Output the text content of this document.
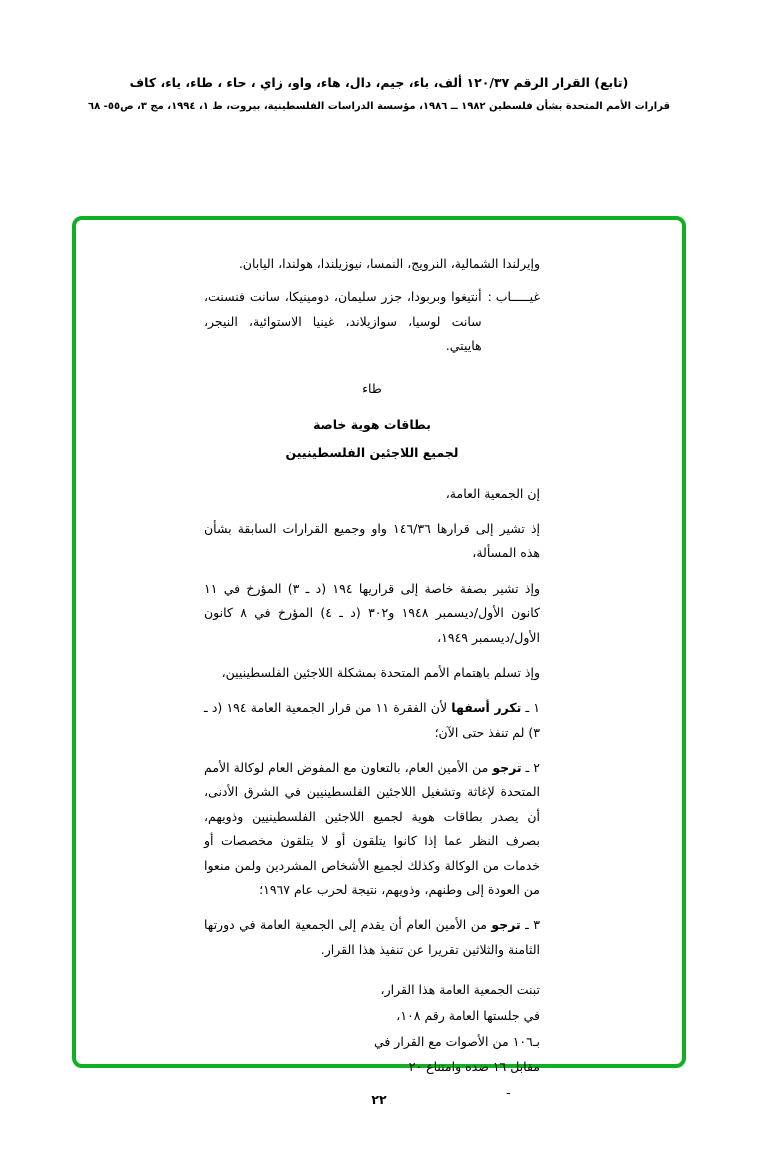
(تابع) القرار الرقم ١٢٠/٣٧ ألف، باء، جيم، دال، هاء، واو، زاي ، حاء ، طاء، ياء، كاف
قرارات الأمم المتحدة بشأن فلسطين ١٩٨٢ ــ ١٩٨٦، مؤسسة الدراسات الفلسطينية، بيروت، ط ١، ١٩٩٤، مج ٣، ص٥٥- ٦٨

وإيرلندا الشمالية، النرويج، النمسا، نيوزيلندا، هولندا، اليابان.

غيـــــاب :
أنتيغوا وبربودا، جزر سليمان، دومينيكا، سانت فنسنت، سانت لوسيا، سوازيلاند، غينيا الاستوائية، النيجر، هاييتي.

طاء

بطاقات هوية خاصة

لجميع اللاجئين الفلسطينيين

إن الجمعية العامة،

إذ تشير إلى قرارها ١٤٦/٣٦ واو وجميع القرارات السابقة بشأن هذه المسألة،

وإذ تشير بصفة خاصة إلى قراريها ١٩٤ (د ـ ٣) المؤرخ في ١١ كانون الأول/ديسمبر ١٩٤٨ و٣٠٢ (د ـ ٤) المؤرخ في ٨ كانون الأول/ديسمبر ١٩٤٩،

وإذ تسلم باهتمام الأمم المتحدة بمشكلة اللاجئين الفلسطينيين،

١ ـ تكرر أسفها لأن الفقرة ١١ من قرار الجمعية العامة ١٩٤ (د ـ ٣) لم تنفذ حتى الآن؛

٢ ـ ترجو من الأمين العام، بالتعاون مع المفوض العام لوكالة الأمم المتحدة لإغاثة وتشغيل اللاجئين الفلسطينيين في الشرق الأدنى، أن يصدر بطاقات هوية لجميع اللاجئين الفلسطينيين وذويهم، بصرف النظر عما إذا كانوا يتلقون أو لا يتلقون مخصصات أو خدمات من الوكالة وكذلك لجميع الأشخاص المشردين ولمن منعوا من العودة إلى وطنهم، وذويهم، نتيجة لحرب عام ١٩٦٧؛

٣ ـ ترجو من الأمين العام أن يقدم إلى الجمعية العامة في دورتها الثامنة والثلاثين تقريرا عن تنفيذ هذا القرار.

تبنت الجمعية العامة هذا القرار،

في جلستها العامة رقم ١٠٨،

بـ١٠٦ من الأصوات مع القرار في

مقابل ١٦ ضده وامتناع ٢٠

ـ
٢٢
